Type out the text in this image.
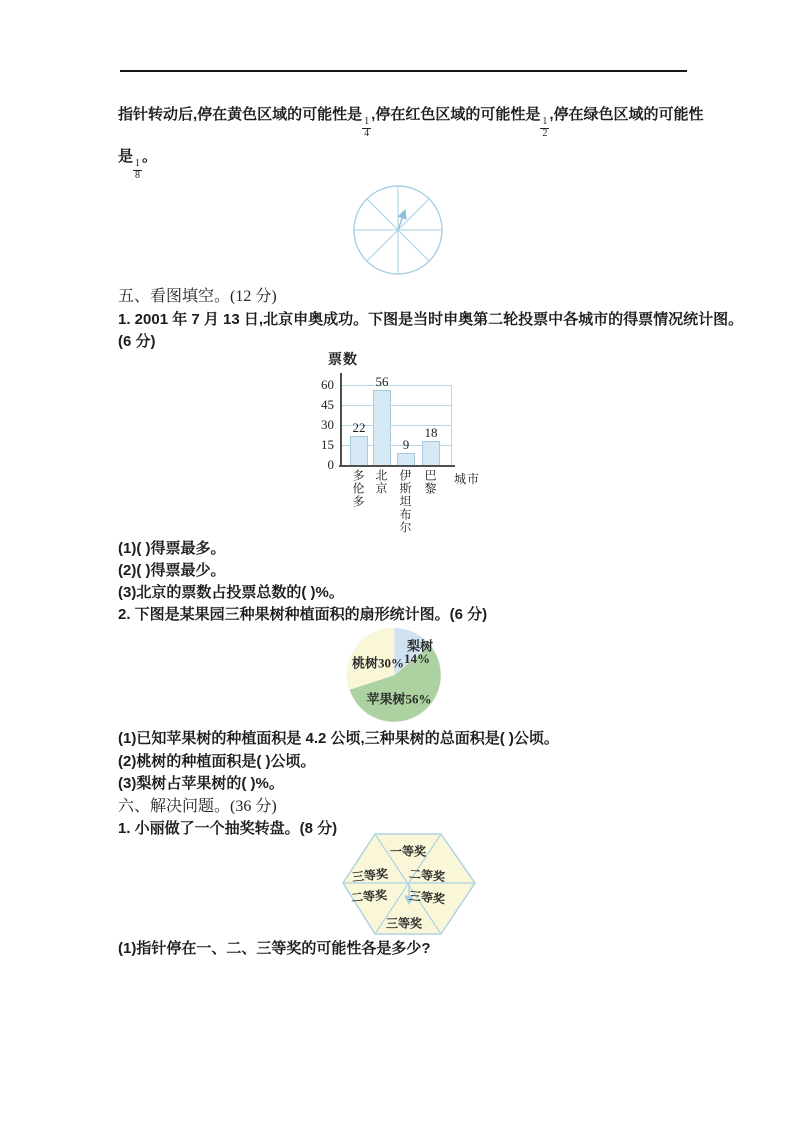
指针转动后,停在黄色区域的可能性是
$\frac{1}{4}$
,停在红色区域的可能性是
$\frac{1}{2}$
,停在绿色区域的可能性
是
$\frac{1}{8}$
。
五、看图填空。(12 分)
1. 2001 年 7 月 13 日,北京申奥成功。下图是当时申奥第二轮投票中各城市的得票情况统计图。
(6 分)
票数
60
45
30
15
0
22
56
9
18
多伦多 北京 伊斯坦布尔 巴黎 城市
(1)( )得票最多。
(2)( )得票最少。
(3)北京的票数占投票总数的( )%。
2. 下图是某果园三种果树种植面积的扇形统计图。(6 分)
桃树30%
梨树
14%
苹果树56%
(1)已知苹果树的种植面积是 4.2 公顷,三种果树的总面积是( )公顷。
(2)桃树的种植面积是( )公顷。
(3)梨树占苹果树的( )%。
六、解决问题。(36 分)
1. 小丽做了一个抽奖转盘。(8 分)
一等奖
三等奖 二等奖
二等奖 三等奖
三等奖
(1)指针停在一、二、三等奖的可能性各是多少?
